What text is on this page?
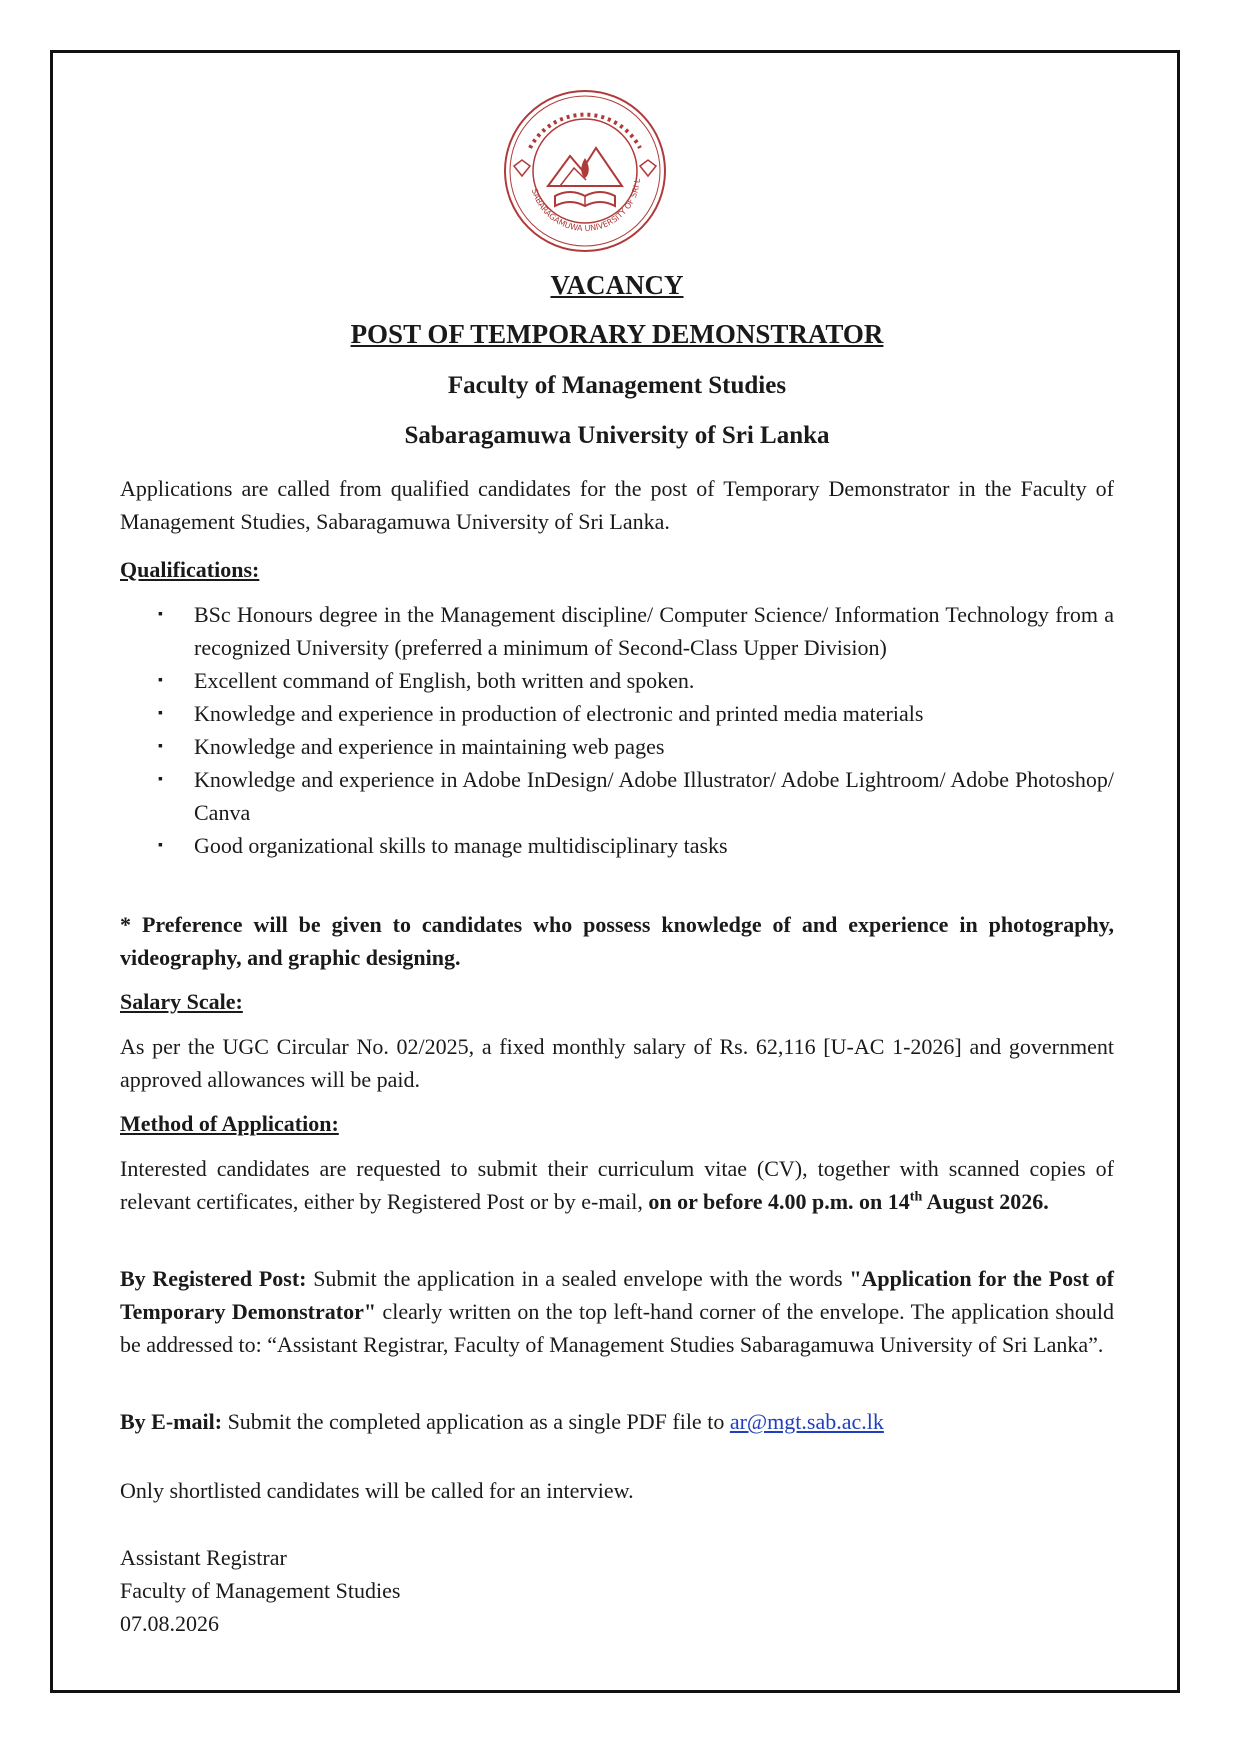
SABARAGAMUWA UNIVERSITY OF SRI L
VACANCY
POST OF TEMPORARY DEMONSTRATOR
Faculty of Management Studies
Sabaragamuwa University of Sri Lanka

Applications are called from qualified candidates for the post of Temporary Demonstrator in the Faculty of Management Studies, Sabaragamuwa University of Sri Lanka.

Qualifications:

▪ BSc Honours degree in the Management discipline/ Computer Science/ Information Technology from a recognized University (preferred a minimum of Second-Class Upper Division)
▪ Excellent command of English, both written and spoken.
▪ Knowledge and experience in production of electronic and printed media materials
▪ Knowledge and experience in maintaining web pages
▪ Knowledge and experience in Adobe InDesign/ Adobe Illustrator/ Adobe Lightroom/ Adobe Photoshop/ Canva
▪ Good organizational skills to manage multidisciplinary tasks

* Preference will be given to candidates who possess knowledge of and experience in photography, videography, and graphic designing.

Salary Scale:

As per the UGC Circular No. 02/2025, a fixed monthly salary of Rs. 62,116 [U-AC 1-2026] and government approved allowances will be paid.

Method of Application:

Interested candidates are requested to submit their curriculum vitae (CV), together with scanned copies of relevant certificates, either by Registered Post or by e-mail, on or before 4.00 p.m. on 14th August 2026.

By Registered Post: Submit the application in a sealed envelope with the words "Application for the Post of Temporary Demonstrator" clearly written on the top left-hand corner of the envelope. The application should be addressed to: “Assistant Registrar, Faculty of Management Studies Sabaragamuwa University of Sri Lanka”.

By E-mail: Submit the completed application as a single PDF file to ar@mgt.sab.ac.lk

Only shortlisted candidates will be called for an interview.

Assistant Registrar
Faculty of Management Studies
07.08.2026
